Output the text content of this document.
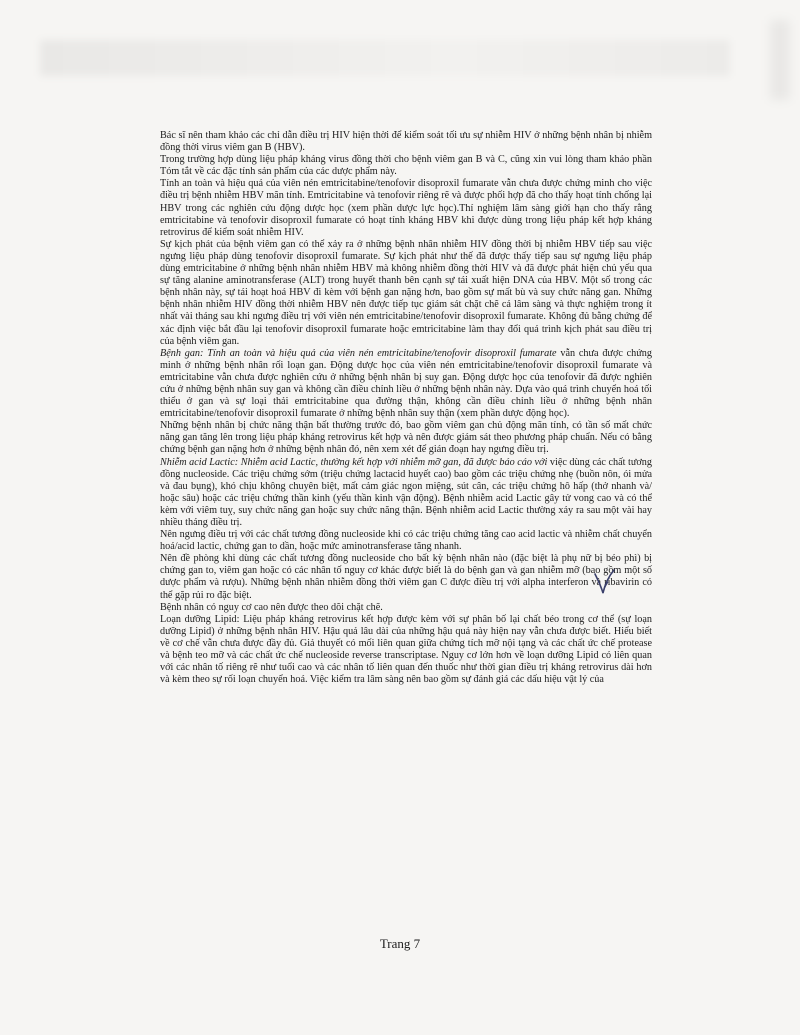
Bác sĩ nên tham khảo các chỉ dẫn điều trị HIV hiện thời để kiểm soát tối ưu sự nhiễm HIV ở những bệnh nhân bị nhiễm đồng thời virus viêm gan B (HBV).

Trong trường hợp dùng liệu pháp kháng virus đồng thời cho bệnh viêm gan B và C, cũng xin vui lòng tham khảo phần Tóm tắt về các đặc tính sản phẩm của các dược phẩm này.

Tính an toàn và hiệu quả của viên nén emtricitabine/tenofovir disoproxil fumarate vẫn chưa được chứng minh cho việc điều trị bệnh nhiễm HBV mãn tính. Emtricitabine và tenofovir riêng rẽ và được phối hợp đã cho thấy hoạt tính chống lại HBV trong các nghiên cứu động dược học (xem phần dược lực học).Thí nghiệm lâm sàng giới hạn cho thấy rằng emtricitabine và tenofovir disoproxil fumarate có hoạt tính kháng HBV khi được dùng trong liệu pháp kết hợp kháng retrovirus để kiểm soát nhiễm HIV.

Sự kịch phát của bệnh viêm gan có thể xảy ra ở những bệnh nhân nhiễm HIV đồng thời bị nhiễm HBV tiếp sau việc ngưng liệu pháp dùng tenofovir disoproxil fumarate. Sự kịch phát như thế đã được thấy tiếp sau sự ngưng liệu pháp dùng emtricitabine ở những bệnh nhân nhiễm HBV mà không nhiễm đồng thời HIV và đã được phát hiện chủ yếu qua sự tăng alanine aminotransferase (ALT) trong huyết thanh bên cạnh sự tái xuất hiện DNA của HBV. Một số trong các bệnh nhân này, sự tái hoạt hoá HBV đi kèm với bệnh gan nặng hơn, bao gồm sự mất bù và suy chức năng gan. Những bệnh nhân nhiễm HIV đồng thời nhiễm HBV nên được tiếp tục giám sát chặt chẽ cả lâm sàng và thực nghiệm trong ít nhất vài tháng sau khi ngưng điều trị với viên nén emtricitabine/tenofovir disoproxil fumarate. Không đủ bằng chứng để xác định việc bắt đầu lại tenofovir disoproxil fumarate hoặc emtricitabine làm thay đổi quá trình kịch phát sau điều trị của bệnh viêm gan.

Bệnh gan: Tính an toàn và hiệu quả của viên nén emtricitabine/tenofovir disoproxil fumarate vẫn chưa được chứng minh ở những bệnh nhân rối loạn gan. Động dược học của viên nén emtricitabine/tenofovir disoproxil fumarate và emtricitabine vẫn chưa được nghiên cứu ở những bệnh nhân bị suy gan. Động dược học của tenofovir đã được nghiên cứu ở những bệnh nhân suy gan và không cần điều chỉnh liều ở những bệnh nhân này. Dựa vào quá trình chuyển hoá tối thiểu ở gan và sự loại thải emtricitabine qua đường thận, không cần điều chỉnh liều ở những bệnh nhân emtricitabine/tenofovir disoproxil fumarate ở những bệnh nhân suy thận (xem phần dược động học).

Những bệnh nhân bị chức năng thận bất thường trước đó, bao gồm viêm gan chủ động mãn tính, có tần số mất chức năng gan tăng lên trong liệu pháp kháng retrovirus kết hợp và nên được giám sát theo phương pháp chuẩn. Nếu có bằng chứng bệnh gan nặng hơn ở những bệnh nhân đó, nên xem xét để gián đoạn hay ngưng điều trị.

Nhiễm acid Lactic: Nhiễm acid Lactic, thường kết hợp với nhiễm mỡ gan, đã được báo cáo với việc dùng các chất tương đồng nucleoside. Các triệu chứng sớm (triệu chứng lactacid huyết cao) bao gồm các triệu chứng nhẹ (buồn nôn, ói mửa và đau bụng), khó chịu không chuyên biệt, mất cảm giác ngon miệng, sút cân, các triệu chứng hô hấp (thở nhanh và/ hoặc sâu) hoặc các triệu chứng thần kinh (yếu thần kinh vận động). Bệnh nhiễm acid Lactic gây tử vong cao và có thể kèm với viêm tuỵ, suy chức năng gan hoặc suy chức năng thận. Bệnh nhiễm acid Lactic thường xảy ra sau một vài hay nhiều tháng điều trị.

Nên ngưng điều trị với các chất tương đồng nucleoside khi có các triệu chứng tăng cao acid lactic và nhiễm chất chuyển hoá/acid lactic, chứng gan to dần, hoặc mức aminotransferase tăng nhanh.

Nên đề phòng khi dùng các chất tương đồng nucleoside cho bất kỳ bệnh nhân nào (đặc biệt là phụ nữ bị béo phì) bị chứng gan to, viêm gan hoặc có các nhân tố nguy cơ khác được biết là do bệnh gan và gan nhiễm mỡ (bao gồm một số dược phẩm và rượu). Những bệnh nhân nhiễm đồng thời viêm gan C được điều trị với alpha interferon và ribavirin có thể gặp rủi ro đặc biệt.

Bệnh nhân có nguy cơ cao nên được theo dõi chặt chẽ.

Loạn dưỡng Lipid: Liệu pháp kháng retrovirus kết hợp được kèm với sự phân bố lại chất béo trong cơ thể (sự loạn dưỡng Lipid) ở những bệnh nhân HIV. Hậu quả lâu dài của những hậu quả này hiện nay vẫn chưa được biết. Hiểu biết về cơ chế vẫn chưa được đầy đủ. Giả thuyết có mối liên quan giữa chứng tích mỡ nội tạng và các chất ức chế protease và bệnh teo mỡ và các chất ức chế nucleoside reverse transcriptase. Nguy cơ lớn hơn về loạn dưỡng Lipid có liên quan với các nhân tố riêng rẽ như tuổi cao và các nhân tố liên quan đến thuốc như thời gian điều trị kháng retrovirus dài hơn và kèm theo sự rối loạn chuyển hoá. Việc kiểm tra lâm sàng nên bao gồm sự đánh giá các dấu hiệu vật lý của

Trang 7
